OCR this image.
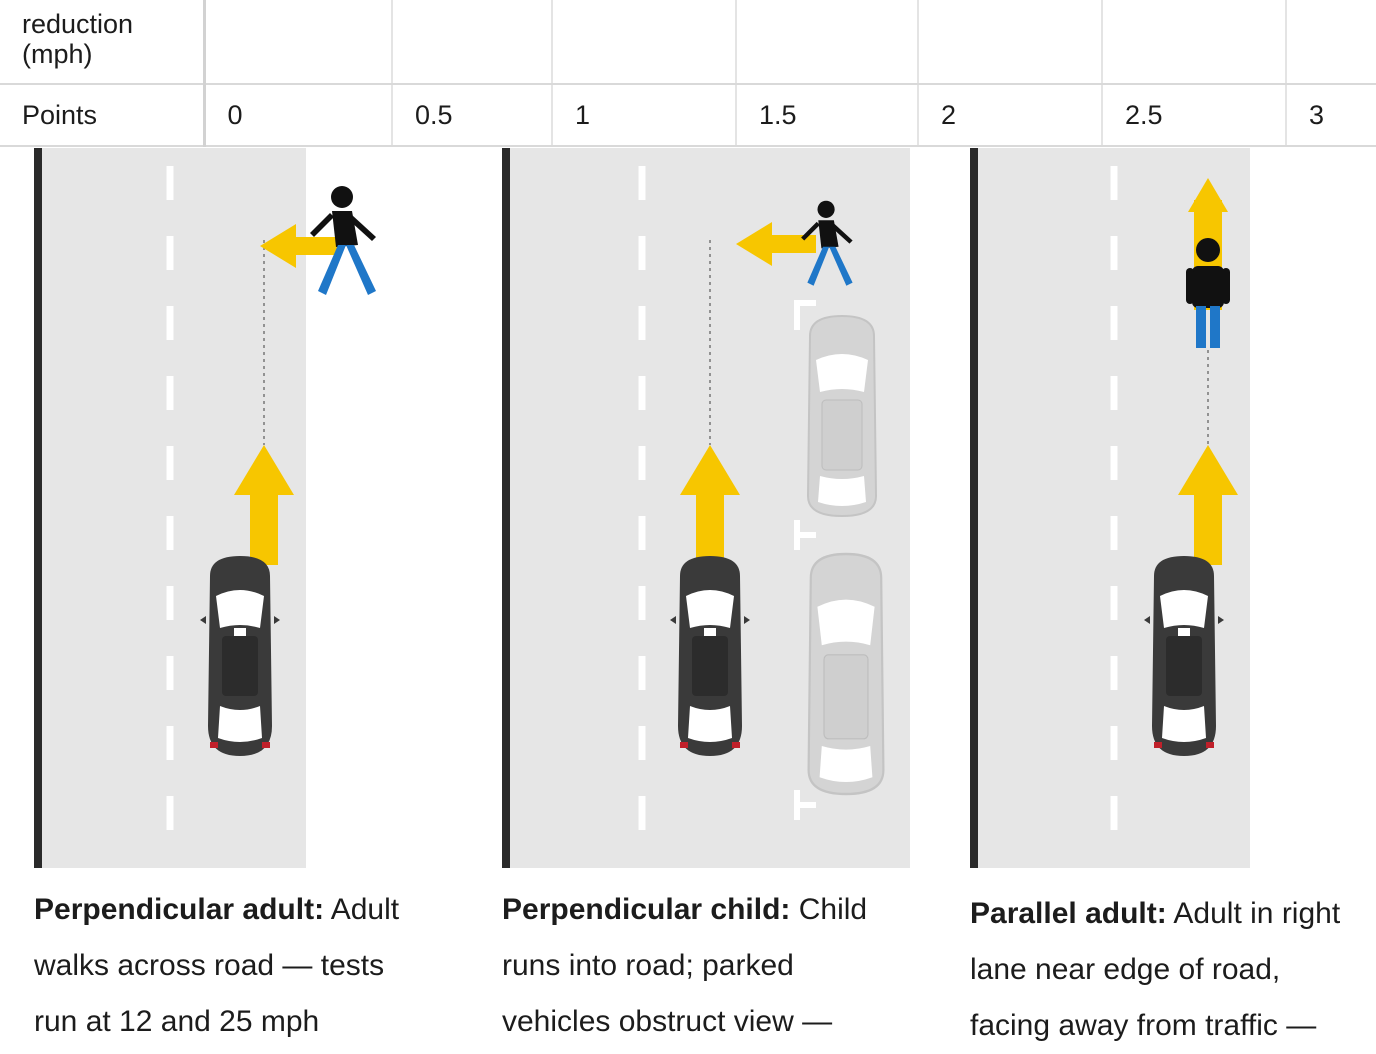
reduction
(mph)							

Points	0	0.5	1	1.5	2	2.5	3
Perpendicular adult: Adult
walks across road — tests
run at 12 and 25 mph
Perpendicular child: Child
runs into road; parked
vehicles obstruct view —
Parallel adult: Adult in right
lane near edge of road,
facing away from traffic —
